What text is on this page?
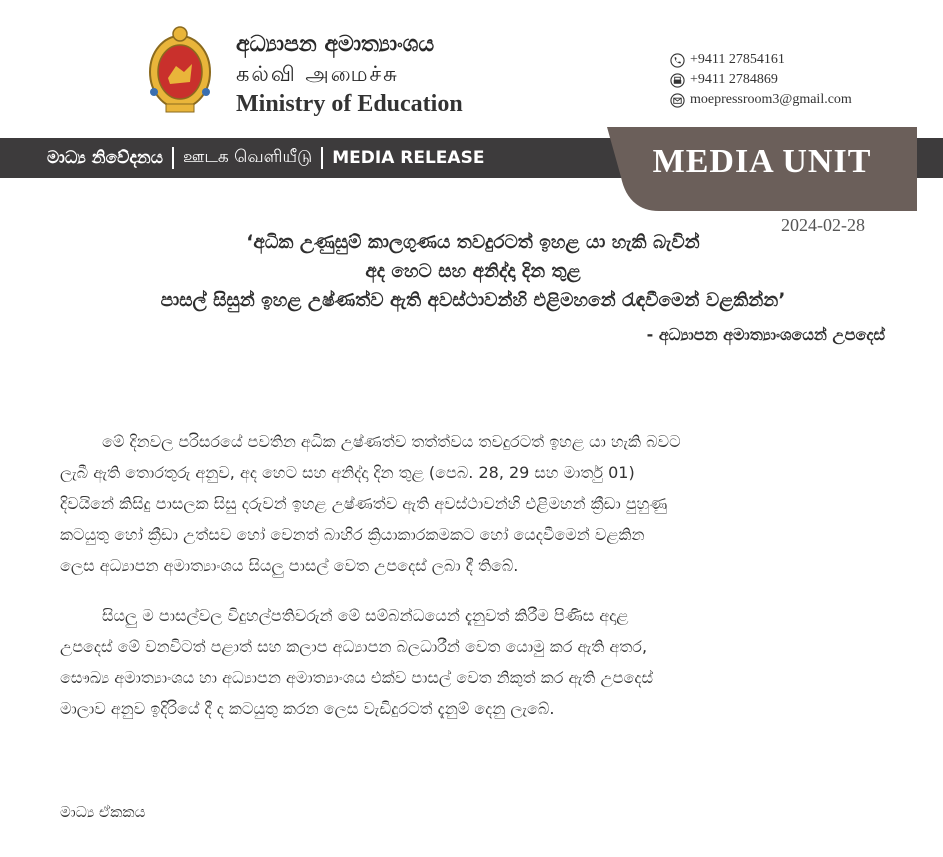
අධ්‍යාපන අමාත්‍යාංශය
கல்வி அமைச்சு
Ministry of Education
+9411 27854161
+9411 2784869
moepressroom3@gmail.com
මාධ්‍ය නිවේදනය ஊடக வெளியீடு MEDIA RELEASE	MEDIA UNIT
2024-02-28
‘අධික උණුසුම් කාලගුණය තවදුරටත් ඉහළ යා හැකි බැවින්
අද හෙට සහ අනිද්දා දින තුළ
පාසල් සිසුන් ඉහළ උෂ්ණත්ව ඇති අවස්ථාවන්හි එළිමහනේ රැඳවීමෙන් වළකින්න’
- අධ්‍යාපන අමාත්‍යාංශයෙන් උපදෙස්
මේ දිනවල පරිසරයේ පවතින අධික උෂ්ණත්ව තත්ත්වය තවදුරටත් ඉහළ යා හැකි බවට
ලැබී ඇති තොරතුරු අනුව, අද හෙට සහ අනිද්දා දින තුළ (පෙබ. 28, 29 සහ මාර්තු 01)
දිවයිනේ කිසිදු පාසලක සිසු දරුවන් ඉහළ උෂ්ණත්ව ඇති අවස්ථාවන්හි එළිමහන් ක්‍රීඩා පුහුණු
කටයුතු හෝ ක්‍රීඩා උත්සව හෝ වෙනත් බාහිර ක්‍රියාකාරකමකට හෝ යෙදවීමෙන් වළකින
ලෙස අධ්‍යාපන අමාත්‍යාංශය සියලු පාසල් වෙත උපදෙස් ලබා දී තිබේ.
සියලු ම පාසල්වල විදුහල්පතිවරුන් මේ සම්බන්ධයෙන් දැනුවත් කිරීම පිණිස අදාළ
උපදෙස් මේ වනවිටත් පළාත් සහ කලාප අධ්‍යාපන බලධාරීන් වෙත යොමු කර ඇති අතර,
සෞඛ්‍ය අමාත්‍යාංශය හා අධ්‍යාපන අමාත්‍යාංශය එක්ව පාසල් වෙත නිකුත් කර ඇති උපදෙස්
මාලාව අනුව ඉදිරියේ දී ද කටයුතු කරන ලෙස වැඩිදුරටත් දැනුම් දෙනු ලැබේ.
මාධ්‍ය ඒකකය
